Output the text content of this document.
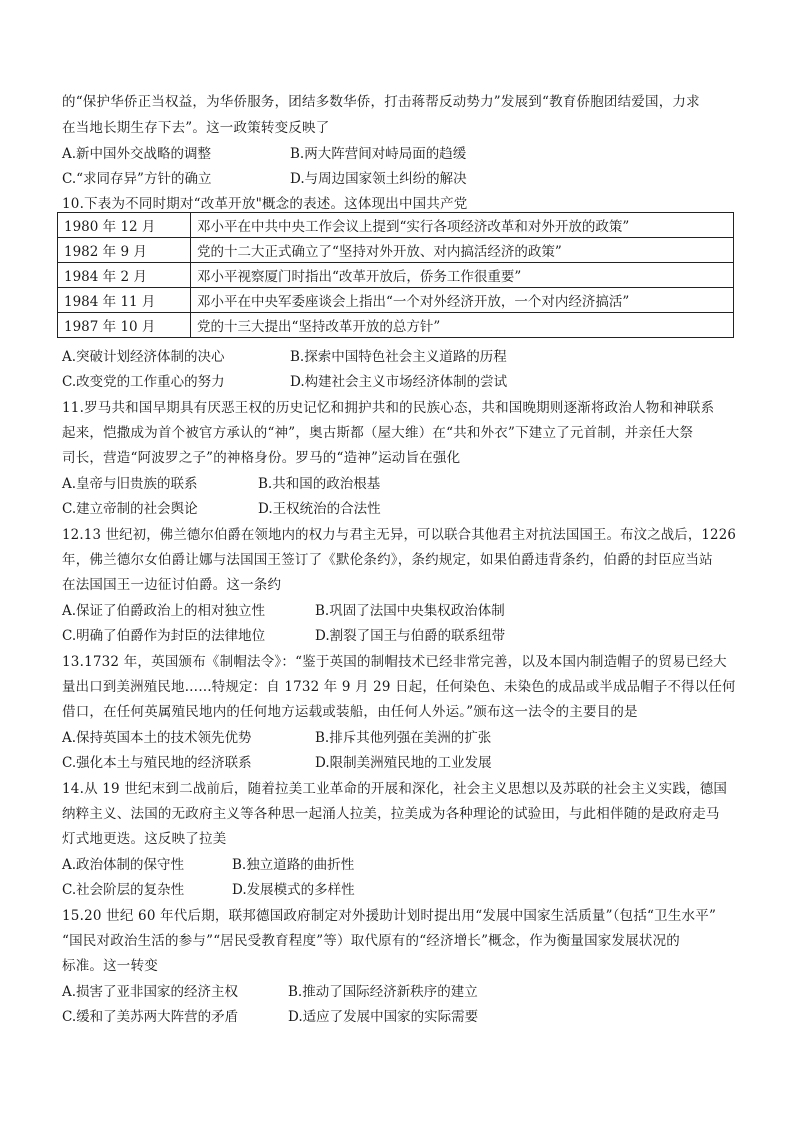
的“保护华侨正当权益，为华侨服务，团结多数华侨，打击蒋帮反动势力”发展到“教育侨胞团结爱国，力求
在当地长期生存下去”。这一政策转变反映了
A.新中国外交战略的调整	B.两大阵营间对峙局面的趋缓
C.“求同存异”方针的确立	D.与周边国家领土纠纷的解决
10.下表为不同时期对“改革开放"概念的表述。这体现出中国共产党
1980 年 12 月	邓小平在中共中央工作会议上提到“实行各项经济改革和对外开放的政策”
1982 年 9 月	党的十二大正式确立了“坚持对外开放、对内搞活经济的政策”
1984 年 2 月	邓小平视察厦门时指出“改革开放后，侨务工作很重要”
1984 年 11 月	邓小平在中央军委座谈会上指出“一个对外经济开放，一个对内经济搞活”
1987 年 10 月	党的十三大提出“坚持改革开放的总方针”
A.突破计划经济体制的决心	B.探索中国特色社会主义道路的历程
C.改变党的工作重心的努力	D.构建社会主义市场经济体制的尝试
11.罗马共和国早期具有厌恶王权的历史记忆和拥护共和的民族心态，共和国晚期则逐渐将政治人物和神联系
起来，恺撒成为首个被官方承认的“神”，奥古斯都（屋大维）在“共和外衣”下建立了元首制，并亲任大祭
司长，营造“阿波罗之子”的神格身份。罗马的“造神”运动旨在强化
A.皇帝与旧贵族的联系	B.共和国的政治根基
C.建立帝制的社会舆论	D.王权统治的合法性
12.13 世纪初，佛兰德尔伯爵在领地内的权力与君主无异，可以联合其他君主对抗法国国王。布汶之战后，1226
年，佛兰德尔女伯爵让娜与法国国王签订了《默伦条约》，条约规定，如果伯爵违背条约，伯爵的封臣应当站
在法国国王一边征讨伯爵。这一条约
A.保证了伯爵政治上的相对独立性	B.巩固了法国中央集权政治体制
C.明确了伯爵作为封臣的法律地位	D.割裂了国王与伯爵的联系纽带
13.1732 年，英国颁布《制帽法令》：“鉴于英国的制帽技术已经非常完善，以及本国内制造帽子的贸易已经大
量出口到美洲殖民地……特规定：自 1732 年 9 月 29 日起，任何染色、未染色的成品或半成品帽子不得以任何
借口，在任何英属殖民地内的任何地方运载或装船，由任何人外运。”颁布这一法令的主要目的是
A.保持英国本土的技术领先优势	B.排斥其他列强在美洲的扩张
C.强化本土与殖民地的经济联系	D.限制美洲殖民地的工业发展
14.从 19 世纪末到二战前后，随着拉美工业革命的开展和深化，社会主义思想以及苏联的社会主义实践，德国
纳粹主义、法国的无政府主义等各种思一起涌人拉美，拉美成为各种理论的试验田，与此相伴随的是政府走马
灯式地更迭。这反映了拉美
A.政治体制的保守性	B.独立道路的曲折性
C.社会阶层的复杂性	D.发展模式的多样性
15.20 世纪 60 年代后期，联邦德国政府制定对外援助计划时提出用“发展中国家生活质量”（包括“卫生水平”
“国民对政治生活的参与”“居民受教育程度”等）取代原有的“经济增长”概念，作为衡量国家发展状况的
标准。这一转变
A.损害了亚非国家的经济主权	B.推动了国际经济新秩序的建立
C.缓和了美苏两大阵营的矛盾	D.适应了发展中国家的实际需要
